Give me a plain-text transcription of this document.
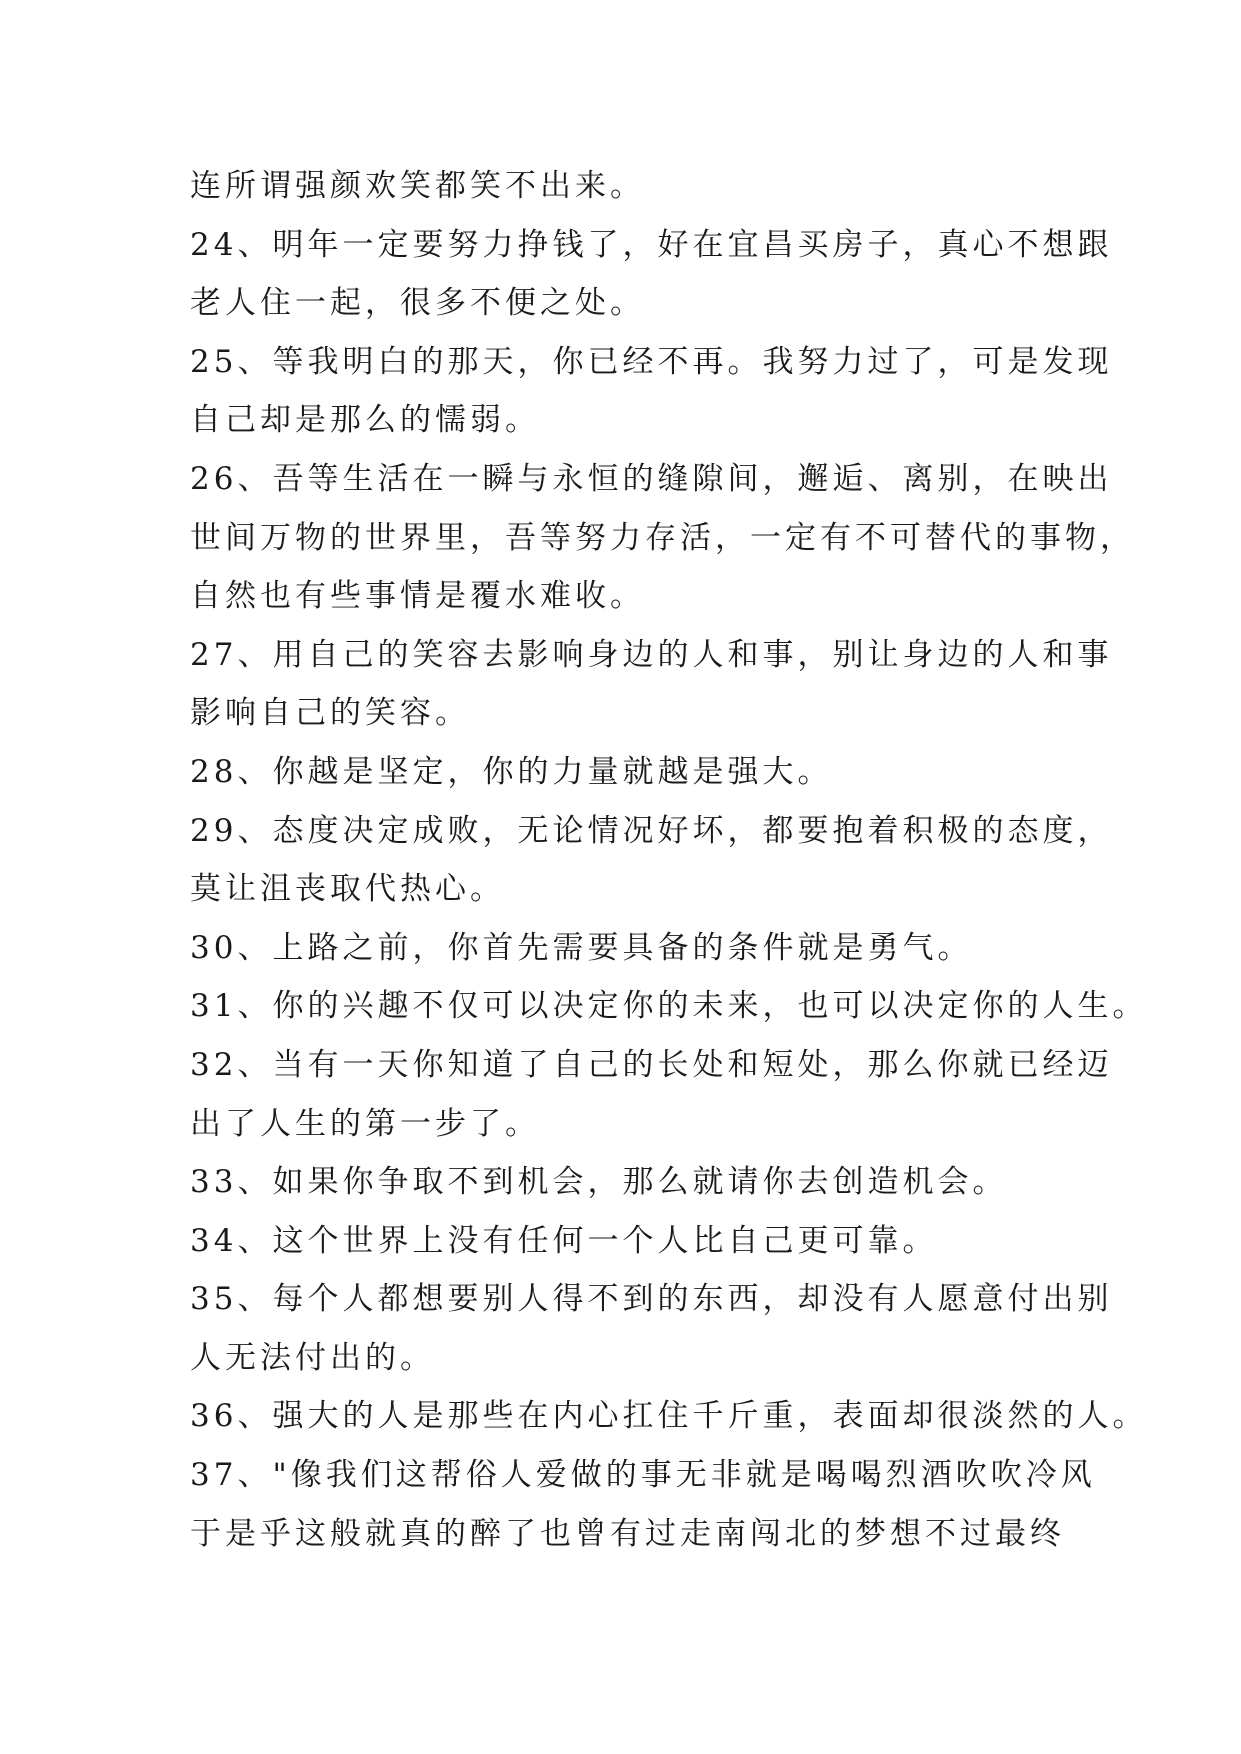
连所谓强颜欢笑都笑不出来。
24、明年一定要努力挣钱了，好在宜昌买房子，真心不想跟
老人住一起，很多不便之处。
25、等我明白的那天，你已经不再。我努力过了，可是发现
自己却是那么的懦弱。
26、吾等生活在一瞬与永恒的缝隙间，邂逅、离别，在映出
世间万物的世界里，吾等努力存活，一定有不可替代的事物，
自然也有些事情是覆水难收。
27、用自己的笑容去影响身边的人和事，别让身边的人和事
影响自己的笑容。
28、你越是坚定，你的力量就越是强大。
29、态度决定成败，无论情况好坏，都要抱着积极的态度，
莫让沮丧取代热心。
30、上路之前，你首先需要具备的条件就是勇气。
31、你的兴趣不仅可以决定你的未来，也可以决定你的人生。
32、当有一天你知道了自己的长处和短处，那么你就已经迈
出了人生的第一步了。
33、如果你争取不到机会，那么就请你去创造机会。
34、这个世界上没有任何一个人比自己更可靠。
35、每个人都想要别人得不到的东西，却没有人愿意付出别
人无法付出的。
36、强大的人是那些在内心扛住千斤重，表面却很淡然的人。
37、"像我们这帮俗人爱做的事无非就是喝喝烈酒吹吹冷风
于是乎这般就真的醉了也曾有过走南闯北的梦想不过最终
